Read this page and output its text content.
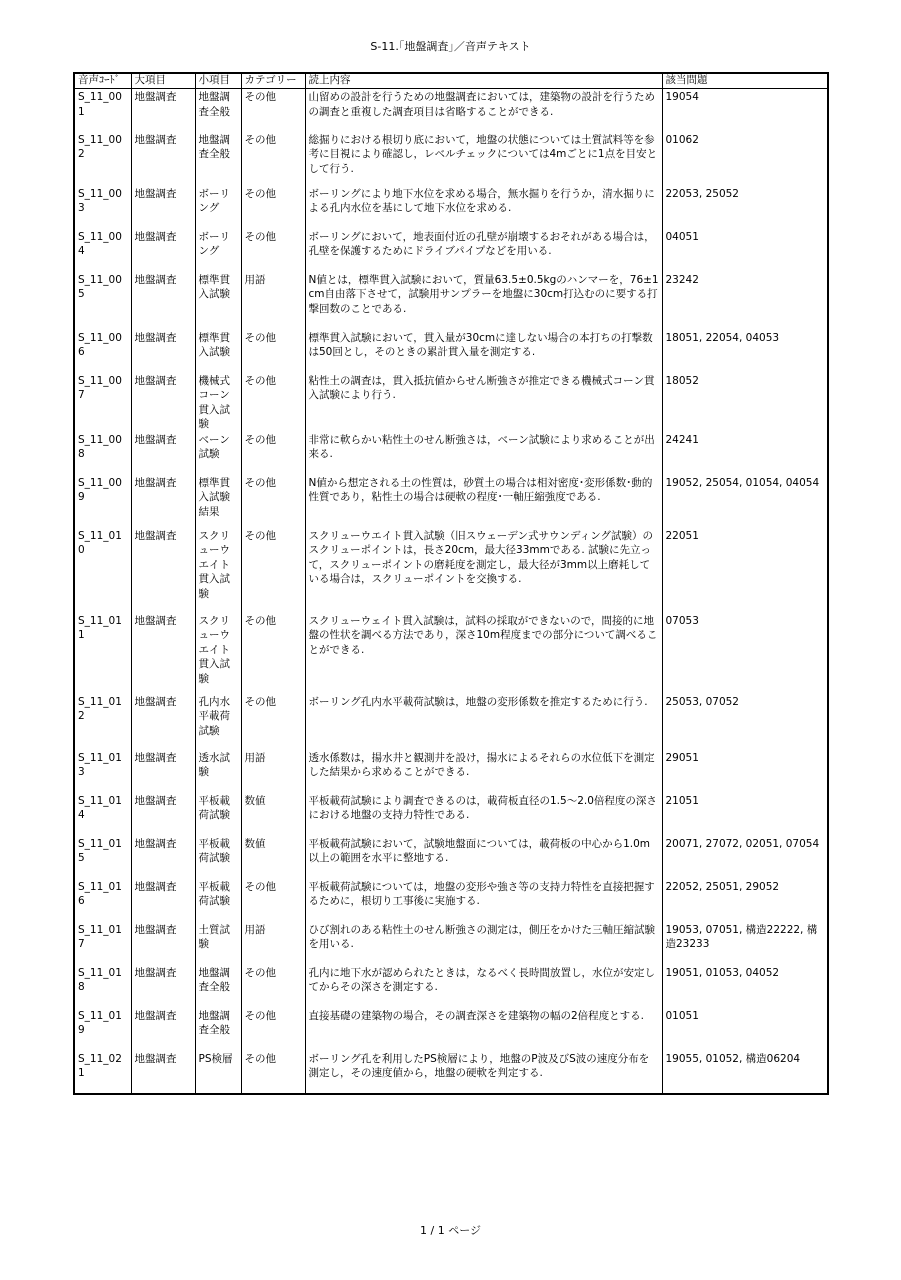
S-11.｢地盤調査｣／音声テキスト
音声ｺｰﾄﾞ	大項目	小項目	カテゴリー	読上内容	該当問題
S_11_001	地盤調査	地盤調査全般	その他	山留めの設計を行うための地盤調査においては，建築物の設計を行うための調査と重複した調査項目は省略することができる.	19054
S_11_002	地盤調査	地盤調査全般	その他	総掘りにおける根切り底において，地盤の状態については土質試料等を参考に目視により確認し，レベルチェックについては4mごとに1点を目安として行う.	01062
S_11_003	地盤調査	ボーリング	その他	ボーリングにより地下水位を求める場合，無水掘りを行うか，清水掘りによる孔内水位を基にして地下水位を求める.	22053, 25052
S_11_004	地盤調査	ボーリング	その他	ボーリングにおいて，地表面付近の孔壁が崩壊するおそれがある場合は，孔壁を保護するためにドライブパイプなどを用いる.	04051
S_11_005	地盤調査	標準貫入試験	用語	N値とは，標準貫入試験において，質量63.5±0.5kgのハンマーを，76±1cm自由落下させて，試験用サンプラーを地盤に30cm打込むのに要する打撃回数のことである.	23242
S_11_006	地盤調査	標準貫入試験	その他	標準貫入試験において，貫入量が30cmに達しない場合の本打ちの打撃数は50回とし，そのときの累計貫入量を測定する.	18051, 22054, 04053
S_11_007	地盤調査	機械式コーン貫入試験	その他	粘性土の調査は，貫入抵抗値からせん断強さが推定できる機械式コーン貫入試験により行う.	18052
S_11_008	地盤調査	ベーン試験	その他	非常に軟らかい粘性土のせん断強さは，ベーン試験により求めることが出来る.	24241
S_11_009	地盤調査	標準貫入試験結果	その他	N値から想定される土の性質は，砂質土の場合は相対密度･変形係数･動的性質であり，粘性土の場合は硬軟の程度･一軸圧縮強度である.	19052, 25054, 01054, 04054
S_11_010	地盤調査	スクリューウエイト貫入試験	その他	スクリューウエイト貫入試験（旧スウェーデン式サウンディング試験）のスクリューポイントは，長さ20cm，最大径33mmである. 試験に先立って，スクリューポイントの磨耗度を測定し，最大径が3mm以上磨耗している場合は，スクリューポイントを交換する.	22051
S_11_011	地盤調査	スクリューウエイト貫入試験	その他	スクリューウェイト貫入試験は，試料の採取ができないので，間接的に地盤の性状を調べる方法であり，深さ10m程度までの部分について調べることができる.	07053
S_11_012	地盤調査	孔内水平載荷試験	その他	ボーリング孔内水平載荷試験は，地盤の変形係数を推定するために行う.	25053, 07052
S_11_013	地盤調査	透水試験	用語	透水係数は，揚水井と観測井を設け，揚水によるそれらの水位低下を測定した結果から求めることができる.	29051
S_11_014	地盤調査	平板載荷試験	数値	平板載荷試験により調査できるのは，載荷板直径の1.5～2.0倍程度の深さにおける地盤の支持力特性である.	21051
S_11_015	地盤調査	平板載荷試験	数値	平板載荷試験において，試験地盤面については，載荷板の中心から1.0m以上の範囲を水平に整地する.	20071, 27072, 02051, 07054
S_11_016	地盤調査	平板載荷試験	その他	平板載荷試験については，地盤の変形や強さ等の支持力特性を直接把握するために，根切り工事後に実施する.	22052, 25051, 29052
S_11_017	地盤調査	土質試験	用語	ひび割れのある粘性土のせん断強さの測定は，側圧をかけた三軸圧縮試験を用いる.	19053, 07051, 構造22222, 構造23233
S_11_018	地盤調査	地盤調査全般	その他	孔内に地下水が認められたときは，なるべく長時間放置し，水位が安定してからその深さを測定する.	19051, 01053, 04052
S_11_019	地盤調査	地盤調査全般	その他	直接基礎の建築物の場合，その調査深さを建築物の幅の2倍程度とする.	01051
S_11_021	地盤調査	PS検層	その他	ボーリング孔を利用したPS検層により，地盤のP波及びS波の速度分布を測定し，その速度値から，地盤の硬軟を判定する.	19055, 01052, 構造06204
1 / 1 ページ
